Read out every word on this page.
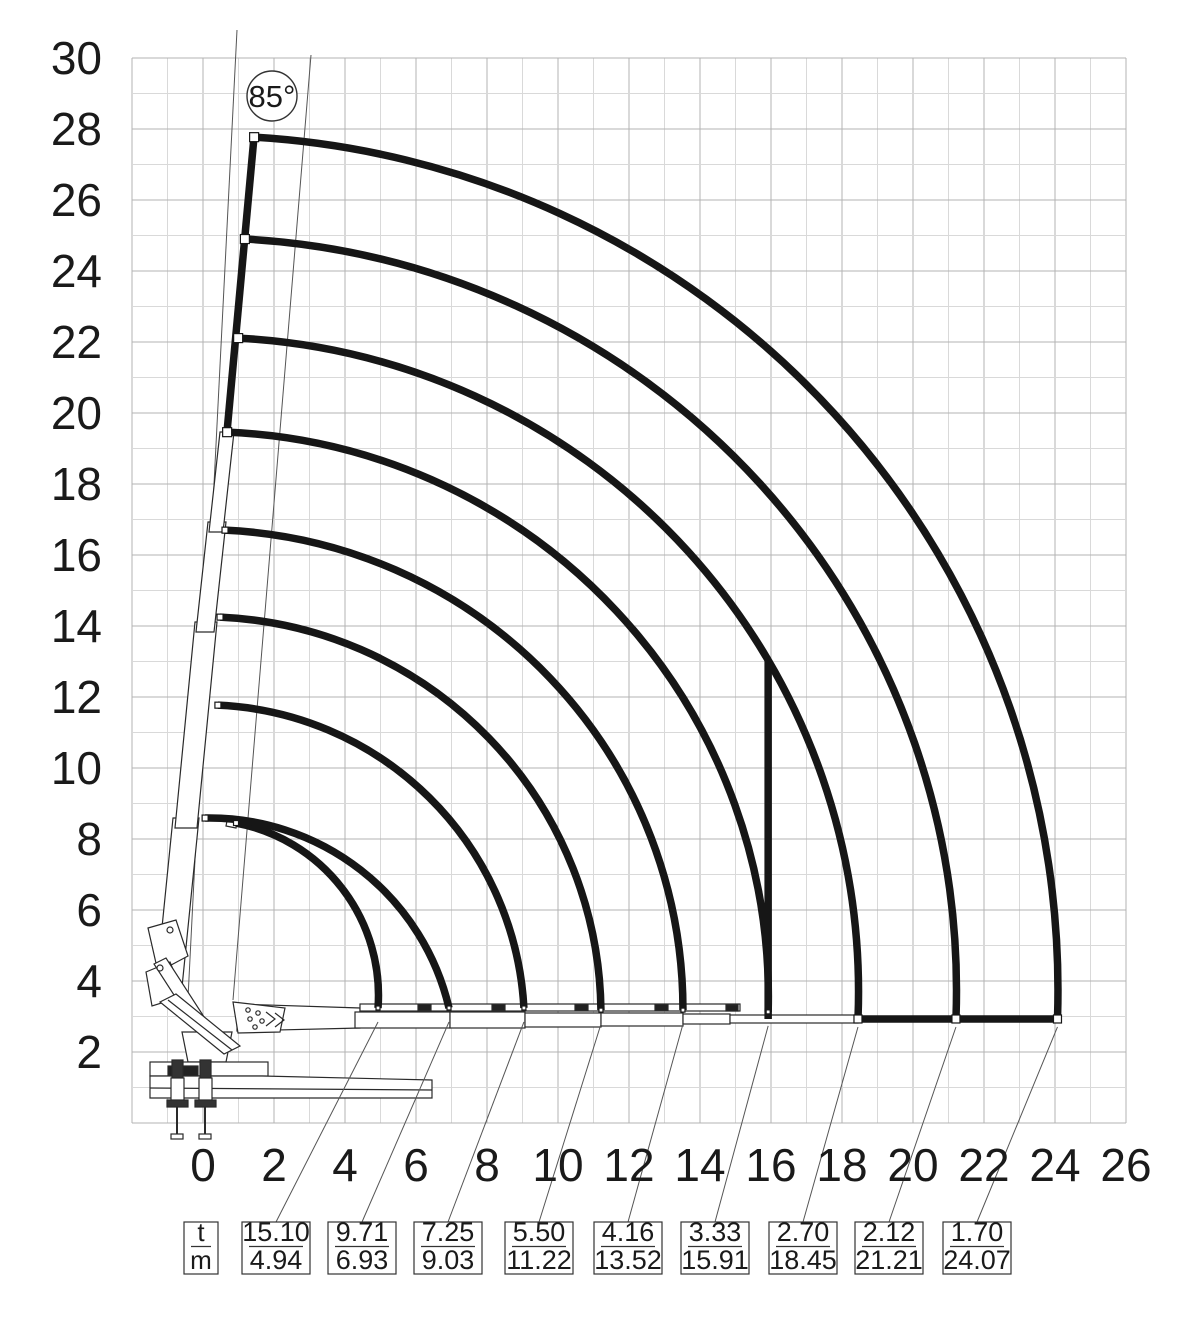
85°
30
28
26
24
22
20
18
16
14
12
10
8
6
4
2
0 2 4 6 8 10 12 14 16 18 20 22 24 26
t
m
15.10
4.94
9.71
6.93
7.25
9.03
5.50
11.22
4.16
13.52
3.33
15.91
2.70
18.45
2.12
21.21
1.70
24.07
